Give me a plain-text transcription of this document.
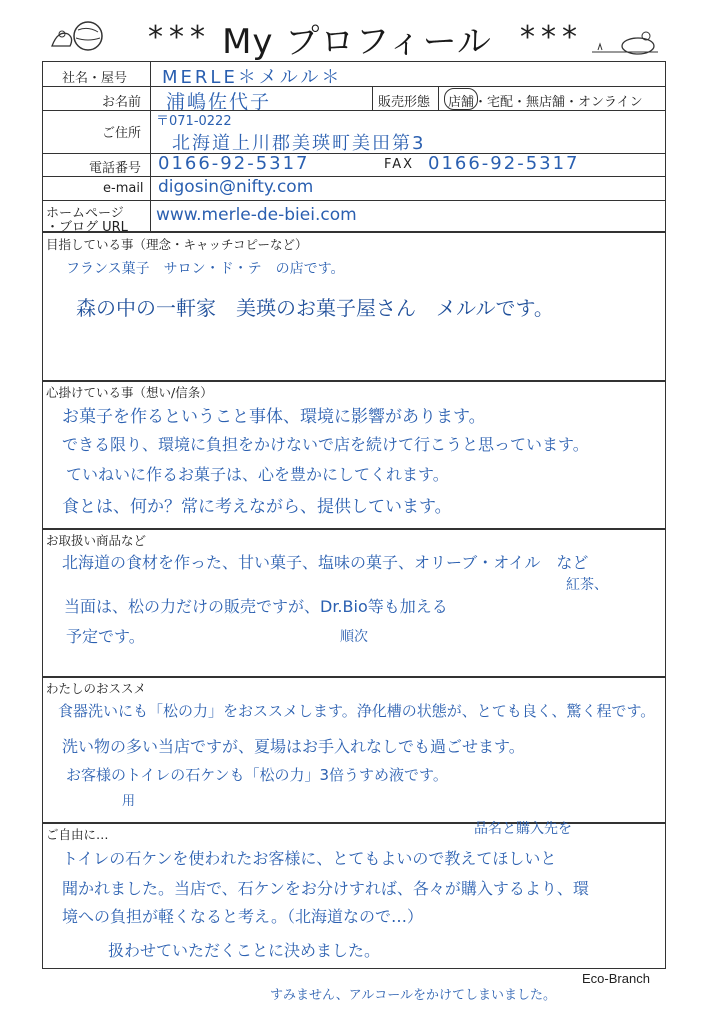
*** My プロフィール ***
社名・屋号 MERLE＊メルル＊
お名前 浦嶋佐代子	販売形態 店舗・宅配・無店舗・オンライン
ご住所
〒071-0222
北海道上川郡美瑛町美田第3
電話番号 0166-92-5317	FAX 0166-92-5317
e-mail digosin@nifty.com
ホームページ
・ブログ URL
www.merle-de-biei.com
目指している事（理念・キャッチコピーなど）
フランス菓子　サロン・ド・テ　の店です。
森の中の一軒家　美瑛のお菓子屋さん　メルルです。
心掛けている事（想い/信条）
お菓子を作るということ事体、環境に影響があります。
できる限り、環境に負担をかけないで店を続けて行こうと思っています。
ていねいに作るお菓子は、心を豊かにしてくれます。
食とは、何か？常に考えながら、提供しています。
お取扱い商品など
北海道の食材を作った、甘い菓子、塩味の菓子、オリーブ・オイル　など
紅茶、
当面は、松の力だけの販売ですが、Dr.Bio等も加える
順次
予定です。
わたしのおススメ
食器洗いにも「松の力」をおススメします。浄化槽の状態が、とても良く、驚く程です。
洗い物の多い当店ですが、夏場はお手入れなしでも過ごせます。
お客様のトイレの石ケンも「松の力」3倍うすめ液です。
用
ご自由に…	品名と購入先を
トイレの石ケンを使われたお客様に、とてもよいので教えてほしいと
聞かれました。当店で、石ケンをお分けすれば、各々が購入するより、環
境への負担が軽くなると考え。（北海道なので…）
扱わせていただくことに決めました。
Eco-Branch
すみません、アルコールをかけてしまいました。
